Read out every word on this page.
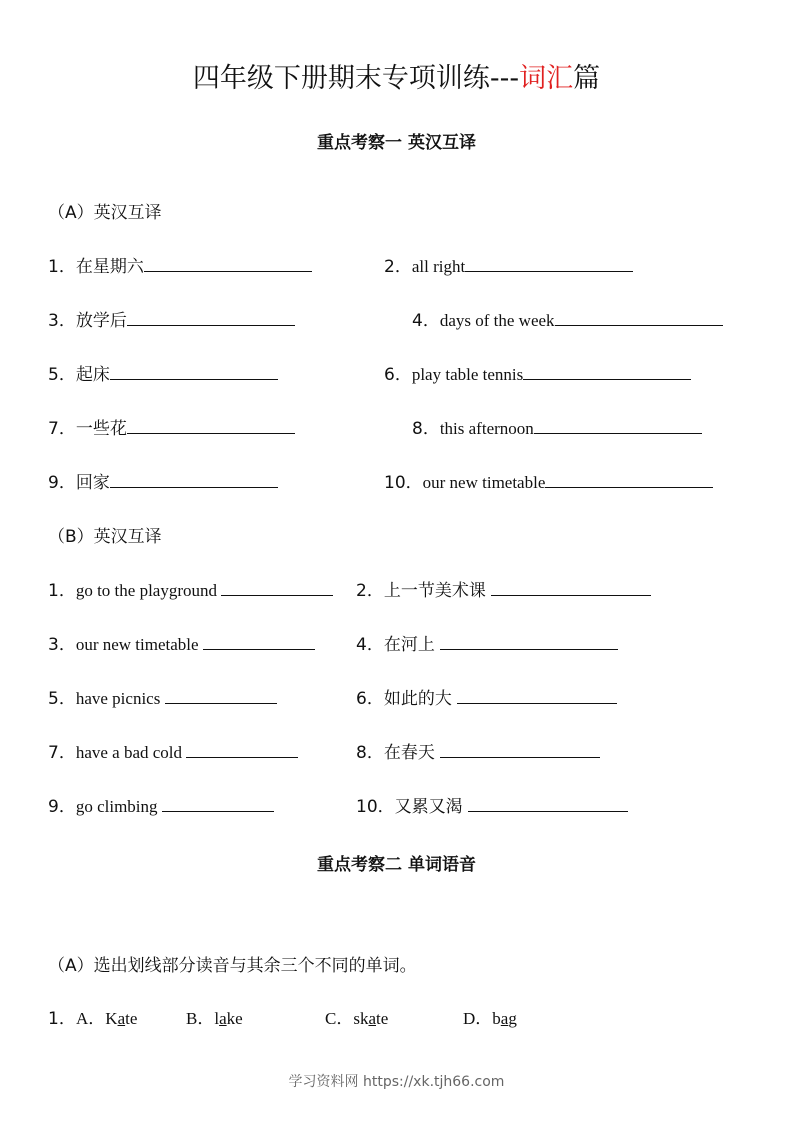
四年级下册期末专项训练---词汇篇
重点考察一 英汉互译
（A）英汉互译
1．在星期六	2．all right
3．放学后	4．days of the week
5．起床	6．play table tennis
7．一些花	8．this afternoon
9．回家	10．our new timetable
（B）英汉互译
1．go to the playground	2．上一节美术课
3．our new timetable	4．在河上
5．have picnics	6．如此的大
7．have a bad cold	8．在春天
9．go climbing	10．又累又渴
重点考察二 单词语音
（A）选出划线部分读音与其余三个不同的单词。
1． A．Kate	B．lake	C．skate	D．bag
学习资料网 https://xk.tjh66.com
